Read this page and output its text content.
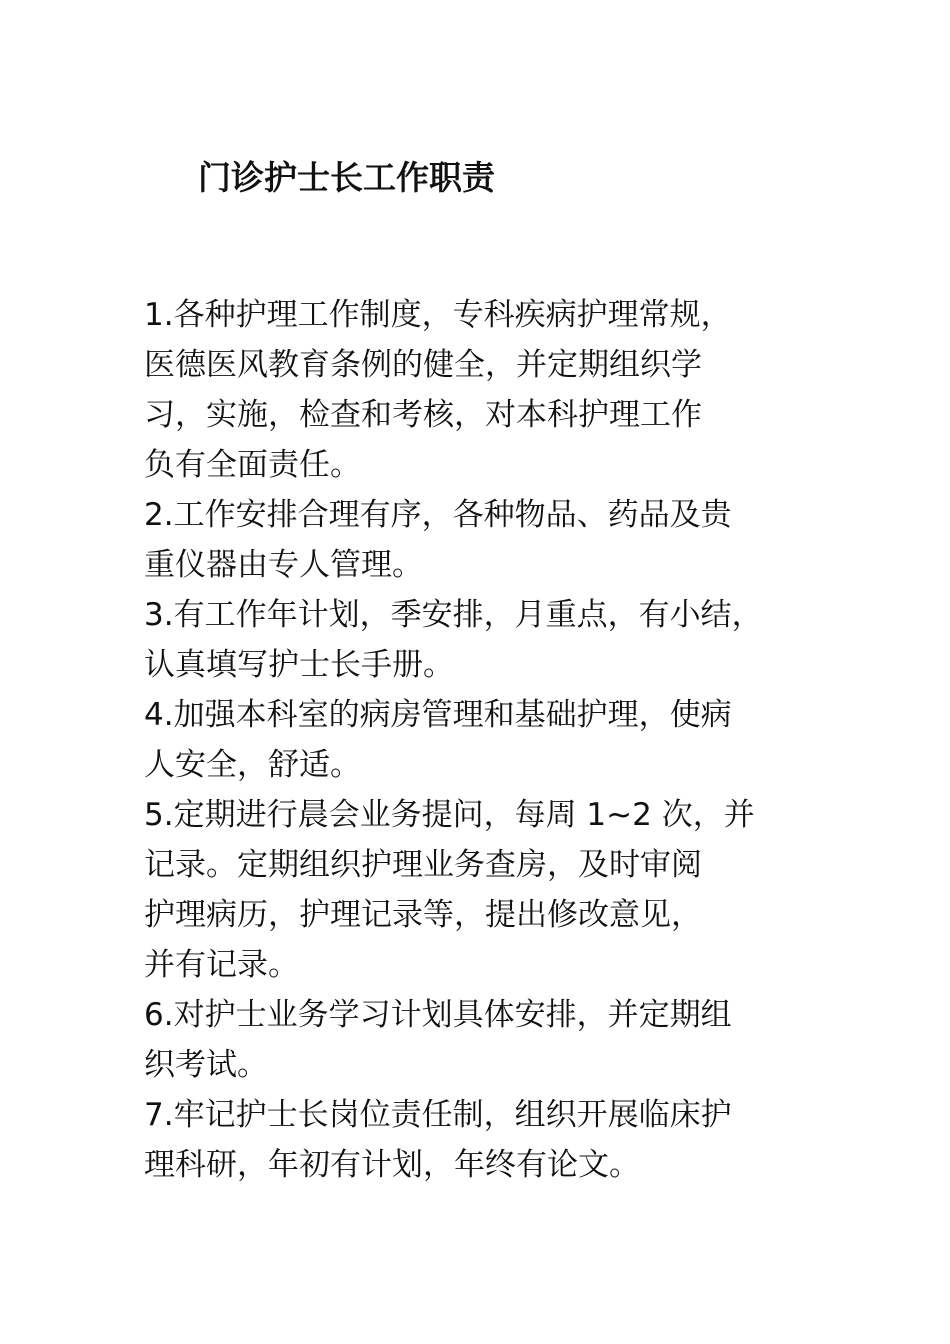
门诊护士长工作职责
1.各种护理工作制度，专科疾病护理常规，
医德医风教育条例的健全，并定期组织学
习，实施，检查和考核，对本科护理工作
负有全面责任。
2.工作安排合理有序，各种物品、药品及贵
重仪器由专人管理。
3.有工作年计划，季安排，月重点，有小结，
认真填写护士长手册。
4.加强本科室的病房管理和基础护理，使病
人安全，舒适。
5.定期进行晨会业务提问，每周 1~2 次，并
记录。定期组织护理业务查房，及时审阅
护理病历，护理记录等，提出修改意见，
并有记录。
6.对护士业务学习计划具体安排，并定期组
织考试。
7.牢记护士长岗位责任制，组织开展临床护
理科研，年初有计划，年终有论文。
